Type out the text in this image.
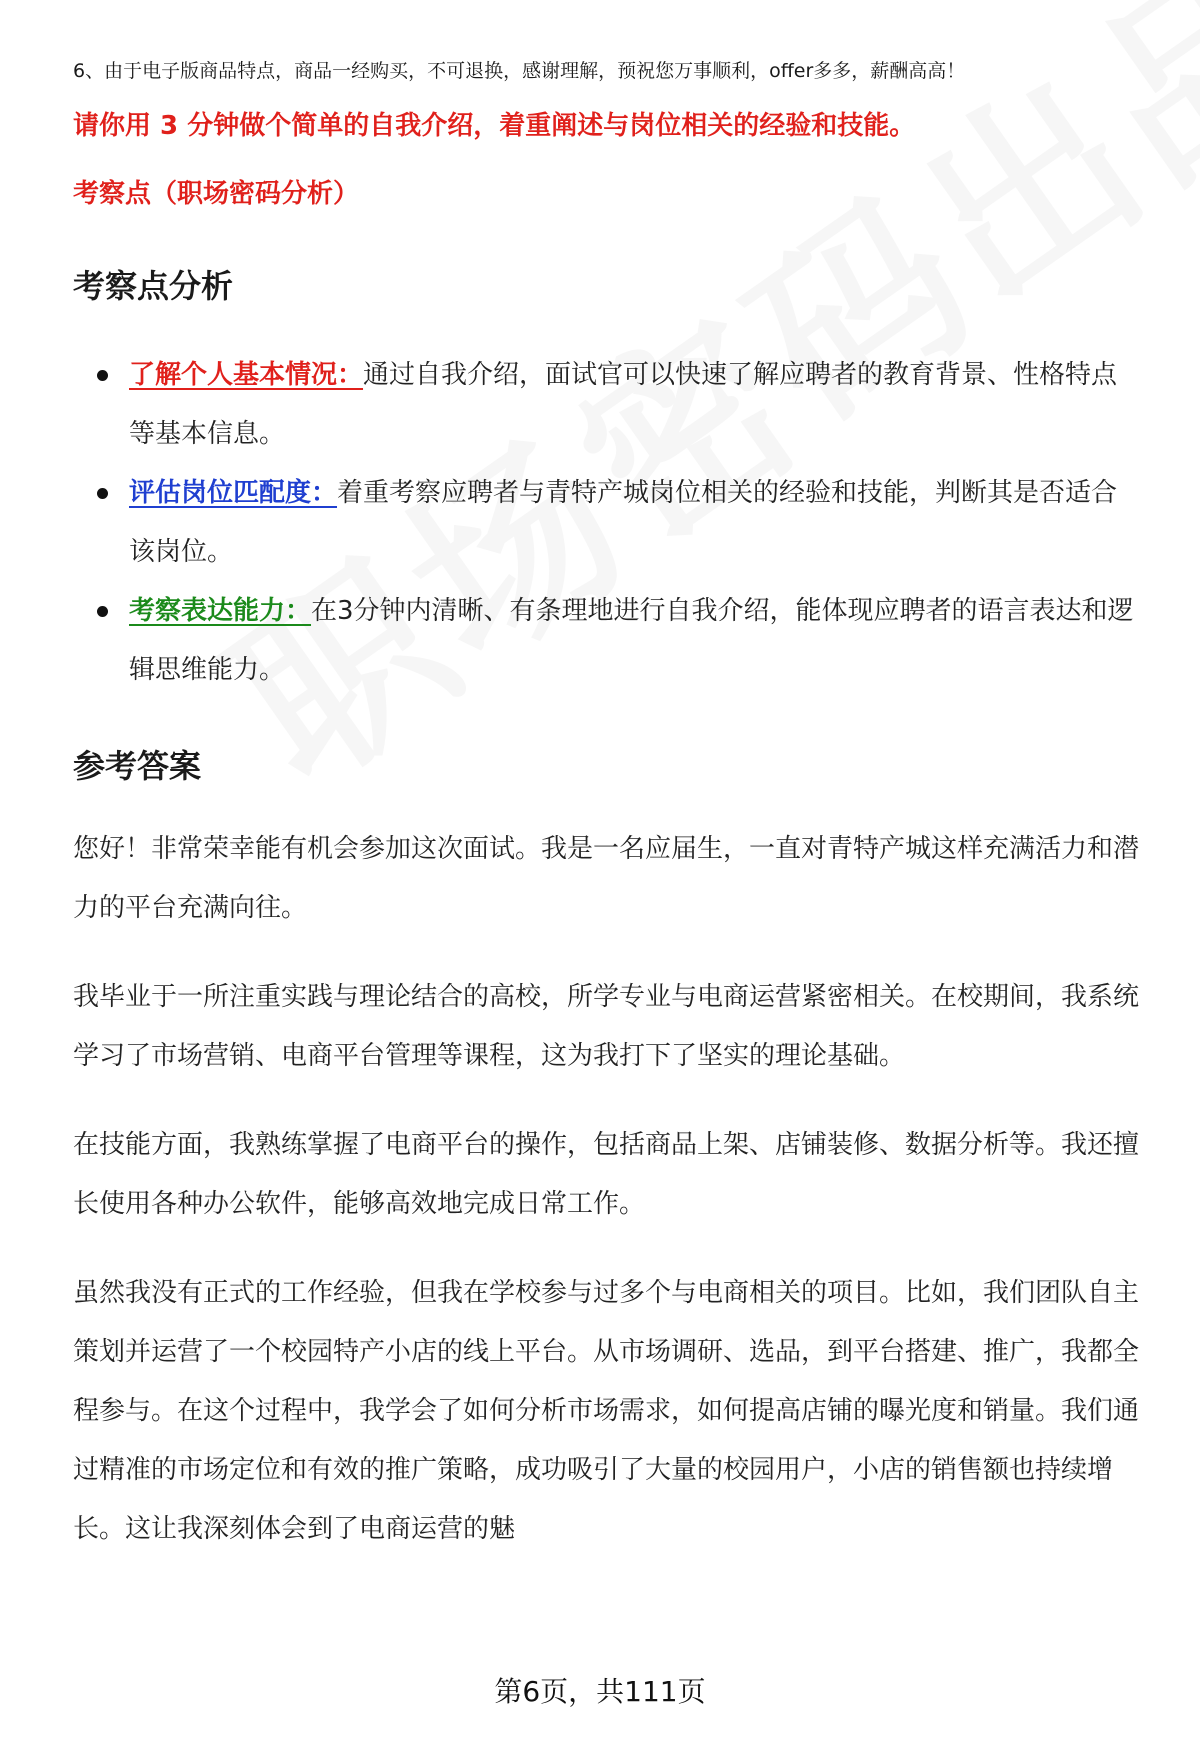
6、由于电子版商品特点，商品一经购买，不可退换，感谢理解，预祝您万事顺利，offer多多，薪酬高高！

请你用 3 分钟做个简单的自我介绍，着重阐述与岗位相关的经验和技能。

考察点（职场密码分析）

考察点分析
了解个人基本情况：通过自我介绍，面试官可以快速了解应聘者的教育背景、性格特点等基本信息。
评估岗位匹配度：着重考察应聘者与青特产城岗位相关的经验和技能，判断其是否适合该岗位。
考察表达能力：在3分钟内清晰、有条理地进行自我介绍，能体现应聘者的语言表达和逻辑思维能力。
参考答案

您好！非常荣幸能有机会参加这次面试。我是一名应届生，一直对青特产城这样充满活力和潜力的平台充满向往。

我毕业于一所注重实践与理论结合的高校，所学专业与电商运营紧密相关。在校期间，我系统学习了市场营销、电商平台管理等课程，这为我打下了坚实的理论基础。

在技能方面，我熟练掌握了电商平台的操作，包括商品上架、店铺装修、数据分析等。我还擅长使用各种办公软件，能够高效地完成日常工作。

虽然我没有正式的工作经验，但我在学校参与过多个与电商相关的项目。比如，我们团队自主策划并运营了一个校园特产小店的线上平台。从市场调研、选品，到平台搭建、推广，我都全程参与。在这个过程中，我学会了如何分析市场需求，如何提高店铺的曝光度和销量。我们通过精准的市场定位和有效的推广策略，成功吸引了大量的校园用户，小店的销售额也持续增长。这让我深刻体会到了电商运营的魅

第6页，共111页
